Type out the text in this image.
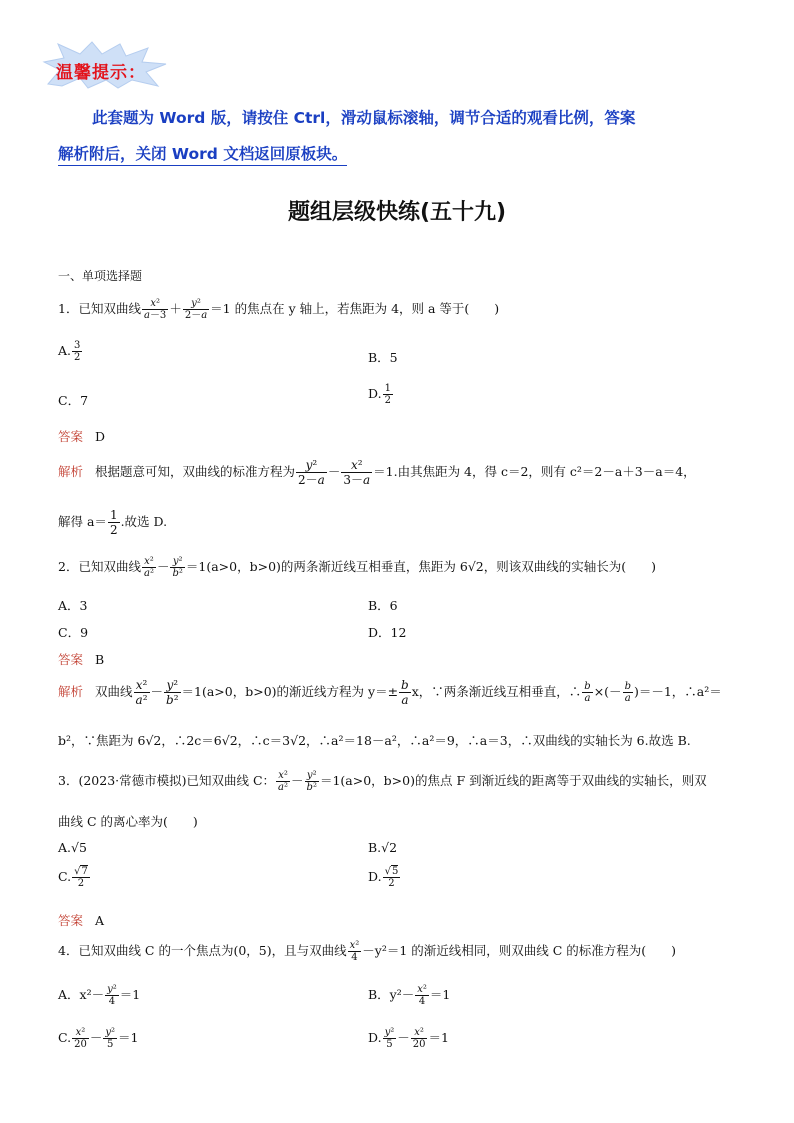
温馨提示：
此套题为 Word 版，请按住 Ctrl，滑动鼠标滚轴，调节合适的观看比例，答案
解析附后，关闭 Word 文档返回原板块。
题组层级快练(五十九)
一、单项选择题
1．已知双曲线 $\frac{\text{x²}}{a-3} + \frac{\text{y²}}{2-a} =1$ 的焦点在 y 轴上，若焦距为 4，则 a 等于(　　)
A. $\frac{3}{2}$	B．5
C．7	D. $\frac{1}{2}$
答案 D
解析 根据题意可知，双曲线的标准方程为 $\frac{\text{y²}}{2-a} - \frac{\text{x²}}{3-a} =1$.由其焦距为 4，得 c＝2，则有 c²＝2－a＋3－a＝4，
解得 $a= \frac{1}{2}$ .故选 D.
2．已知双曲线 $\frac{\text{x²}}{\text{a²}} - \frac{\text{y²}}{\text{b²}} =1(a>0$，b>0)的两条渐近线互相垂直，焦距为 6√2，则该双曲线的实轴长为(　　)
A．3	B．6
C．9	D．12
答案 B
解析 双曲线 $\frac{\text{x²}}{\text{a²}} - \frac{\text{y²}}{\text{b²}} =1(a>0$，b>0)的渐近线方程为 $y=\pm \frac{b}{a}$ x，∵两条渐近线互相垂直，∴ $\frac{b}{a}$ ×(－ $\frac{b}{a} )=-1$，∴a²＝
b²，∵焦距为 6√2，∴2c＝6√2，∴c＝3√2，∴a²＝18－a²，∴a²＝9，∴a＝3，∴双曲线的实轴长为 6.故选 B.
3．(2023·常德市模拟)已知双曲线 C： $\frac{\text{x²}}{\text{a²}} - \frac{\text{y²}}{\text{b²}} =1(a>0$，b>0)的焦点 F 到渐近线的距离等于双曲线的实轴长，则双
曲线 C 的离心率为(　　)
A.√5	B.√2
C. $\frac{√7}{2}$	D. $\frac{√5}{2}$
答案 A
4．已知双曲线 C 的一个焦点为(0，5)，且与双曲线 $\frac{\text{x²}}{4} -y^2=1$ 的渐近线相同，则双曲线 C 的标准方程为(　　)
A．$x^2- \frac{\text{y²}}{4} =1$	B．$y^2- \frac{\text{x²}}{4} =1$
C. $\frac{\text{x²}}{20} - \frac{\text{y²}}{5} =1$	D. $\frac{\text{y²}}{5} - \frac{\text{x²}}{20} =1$
